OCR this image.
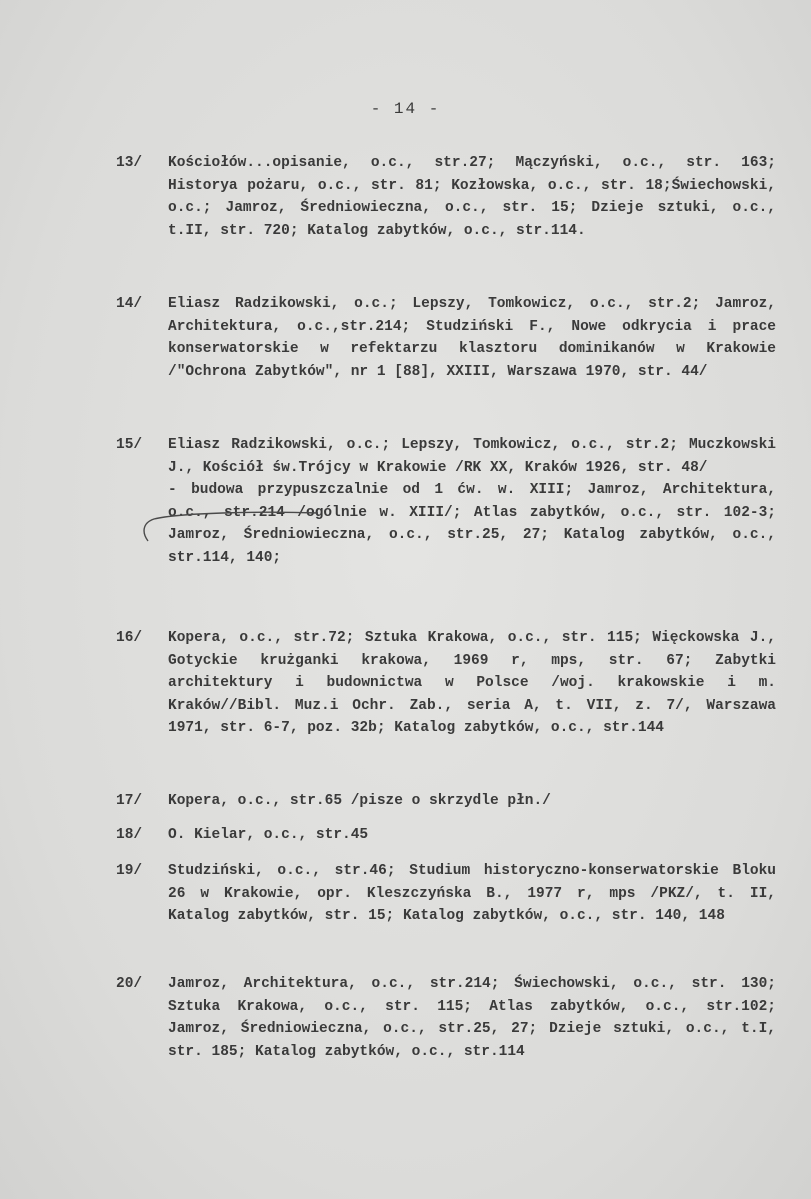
- 14 -
13/	Kościołów...opisanie, o.c., str.27; Mączyński, o.c., str. 163; Historya pożaru, o.c., str. 81; Kozłowska, o.c., str. 18;Świechowski, o.c.; Jamroz, Średniowieczna, o.c., str. 15; Dzieje sztuki, o.c., t.II, str. 720; Katalog zabytków, o.c., str.114.
14/	Eliasz Radzikowski, o.c.; Lepszy, Tomkowicz, o.c., str.2; Jamroz, Architektura, o.c.,str.214; Studziński F., Nowe odkrycia i prace konserwatorskie w refektarzu klasztoru dominikanów w Krakowie /"Ochrona Zabytków", nr 1 [88], XXIII, Warszawa 1970, str. 44/
15/	Eliasz Radzikowski, o.c.; Lepszy, Tomkowicz, o.c., str.2; Muczkowski J., Kościół św.Trójcy w Krakowie /RK XX, Kraków 1926, str. 48/
- budowa przypuszczalnie od 1 ćw. w. XIII; Jamroz, Architektura, o.c., str.214 /ogólnie w. XIII/; Atlas zabytków, o.c., str. 102-3; Jamroz, Średniowieczna, o.c., str.25, 27; Katalog zabytków, o.c., str.114, 140;
16/	Kopera, o.c., str.72; Sztuka Krakowa, o.c., str. 115; Więckowska J., Gotyckie krużganki krakowa, 1969 r, mps, str. 67; Zabytki architektury i budownictwa w Polsce /woj. krakowskie i m. Kraków//Bibl. Muz.i Ochr. Zab., seria A, t. VII, z. 7/, Warszawa 1971, str. 6-7, poz. 32b; Katalog zabytków, o.c., str.144
17/	Kopera, o.c., str.65 /pisze o skrzydle płn./
18/	O. Kielar, o.c., str.45
19/	Studziński, o.c., str.46; Studium historyczno-konserwatorskie Bloku 26 w Krakowie, opr. Kleszczyńska B., 1977 r, mps /PKZ/, t. II, Katalog zabytków, str. 15; Katalog zabytków, o.c., str. 140, 148
20/	Jamroz, Architektura, o.c., str.214; Świechowski, o.c., str. 130; Sztuka Krakowa, o.c., str. 115; Atlas zabytków, o.c., str.102; Jamroz, Średniowieczna, o.c., str.25, 27; Dzieje sztuki, o.c., t.I, str. 185; Katalog zabytków, o.c., str.114
